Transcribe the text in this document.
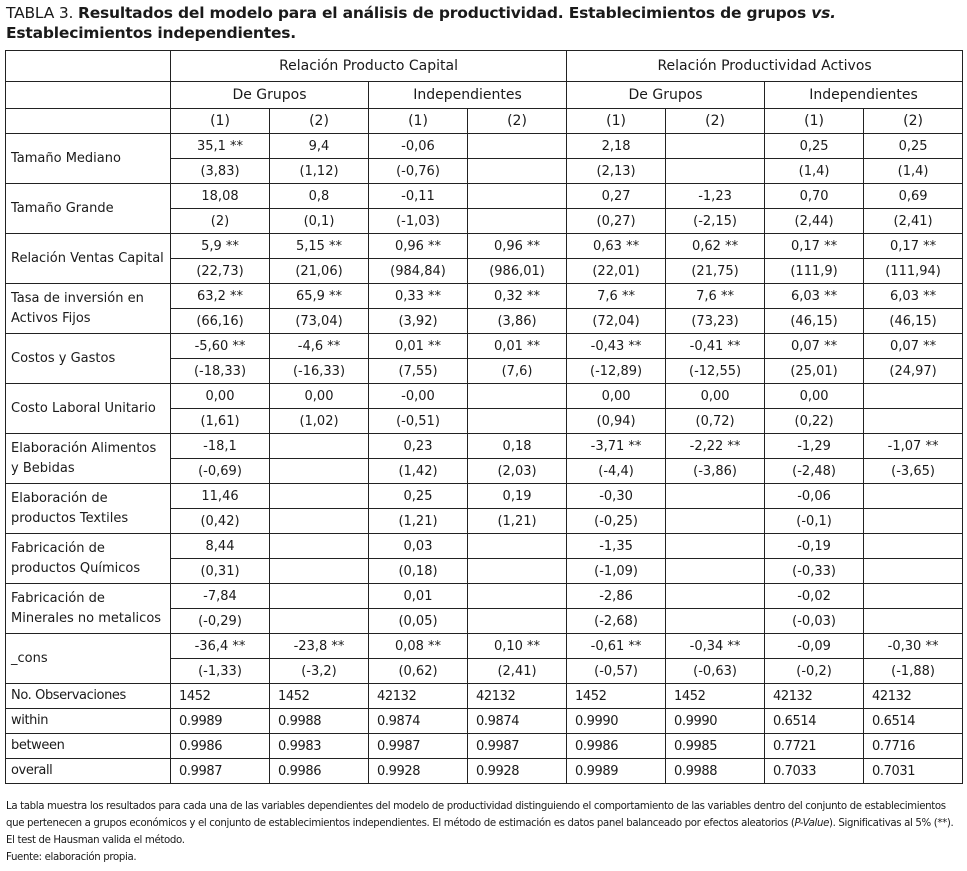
TABLA 3. Resultados del modelo para el análisis de productividad. Establecimientos de grupos vs. Establecimientos independientes.
	Relación Producto Capital				Relación Productividad Activos			
	De Grupos		Independientes		De Grupos		Independientes	
	(1)	(2)	(1)	(2)	(1)	(2)	(1)	(2)
Tamaño Mediano	35,1 **	9,4	-0,06		2,18		0,25	0,25
	(3,83)	(1,12)	(-0,76)		(2,13)		(1,4)	(1,4)
Tamaño Grande	18,08	0,8	-0,11		0,27	-1,23	0,70	0,69
	(2)	(0,1)	(-1,03)		(0,27)	(-2,15)	(2,44)	(2,41)
Relación Ventas Capital	5,9 **	5,15 **	0,96 **	0,96 **	0,63 **	0,62 **	0,17 **	0,17 **
	(22,73)	(21,06)	(984,84)	(986,01)	(22,01)	(21,75)	(111,9)	(111,94)
Tasa de inversión en Activos Fijos	63,2 **	65,9 **	0,33 **	0,32 **	7,6 **	7,6 **	6,03 **	6,03 **
	(66,16)	(73,04)	(3,92)	(3,86)	(72,04)	(73,23)	(46,15)	(46,15)
Costos y Gastos	-5,60 **	-4,6 **	0,01 **	0,01 **	-0,43 **	-0,41 **	0,07 **	0,07 **
	(-18,33)	(-16,33)	(7,55)	(7,6)	(-12,89)	(-12,55)	(25,01)	(24,97)
Costo Laboral Unitario	0,00	0,00	-0,00		0,00	0,00	0,00	
	(1,61)	(1,02)	(-0,51)		(0,94)	(0,72)	(0,22)	
Elaboración Alimentos y Bebidas	-18,1		0,23	0,18	-3,71 **	-2,22 **	-1,29	-1,07 **
	(-0,69)		(1,42)	(2,03)	(-4,4)	(-3,86)	(-2,48)	(-3,65)
Elaboración de productos Textiles	11,46		0,25	0,19	-0,30		-0,06	
	(0,42)		(1,21)	(1,21)	(-0,25)		(-0,1)	
Fabricación de productos Químicos	8,44		0,03		-1,35		-0,19	
	(0,31)		(0,18)		(-1,09)		(-0,33)	
Fabricación de Minerales no metalicos	-7,84		0,01		-2,86		-0,02	
	(-0,29)		(0,05)		(-2,68)		(-0,03)	
_cons	-36,4 **	-23,8 **	0,08 **	0,10 **	-0,61 **	-0,34 **	-0,09	-0,30 **
	(-1,33)	(-3,2)	(0,62)	(2,41)	(-0,57)	(-0,63)	(-0,2)	(-1,88)
No. Observaciones	1452	1452	42132	42132	1452	1452	42132	42132
within	0.9989	0.9988	0.9874	0.9874	0.9990	0.9990	0.6514	0.6514
between	0.9986	0.9983	0.9987	0.9987	0.9986	0.9985	0.7721	0.7716
overall	0.9987	0.9986	0.9928	0.9928	0.9989	0.9988	0.7033	0.7031
La tabla muestra los resultados para cada una de las variables dependientes del modelo de productividad distinguiendo el comportamiento de las variables dentro del conjunto de establecimientos que pertenecen a grupos económicos y el conjunto de establecimientos independientes. El método de estimación es datos panel balanceado por efectos aleatorios (P-Value). Significativas al 5% (**). El test de Hausman valida el método.
Fuente: elaboración propia.
